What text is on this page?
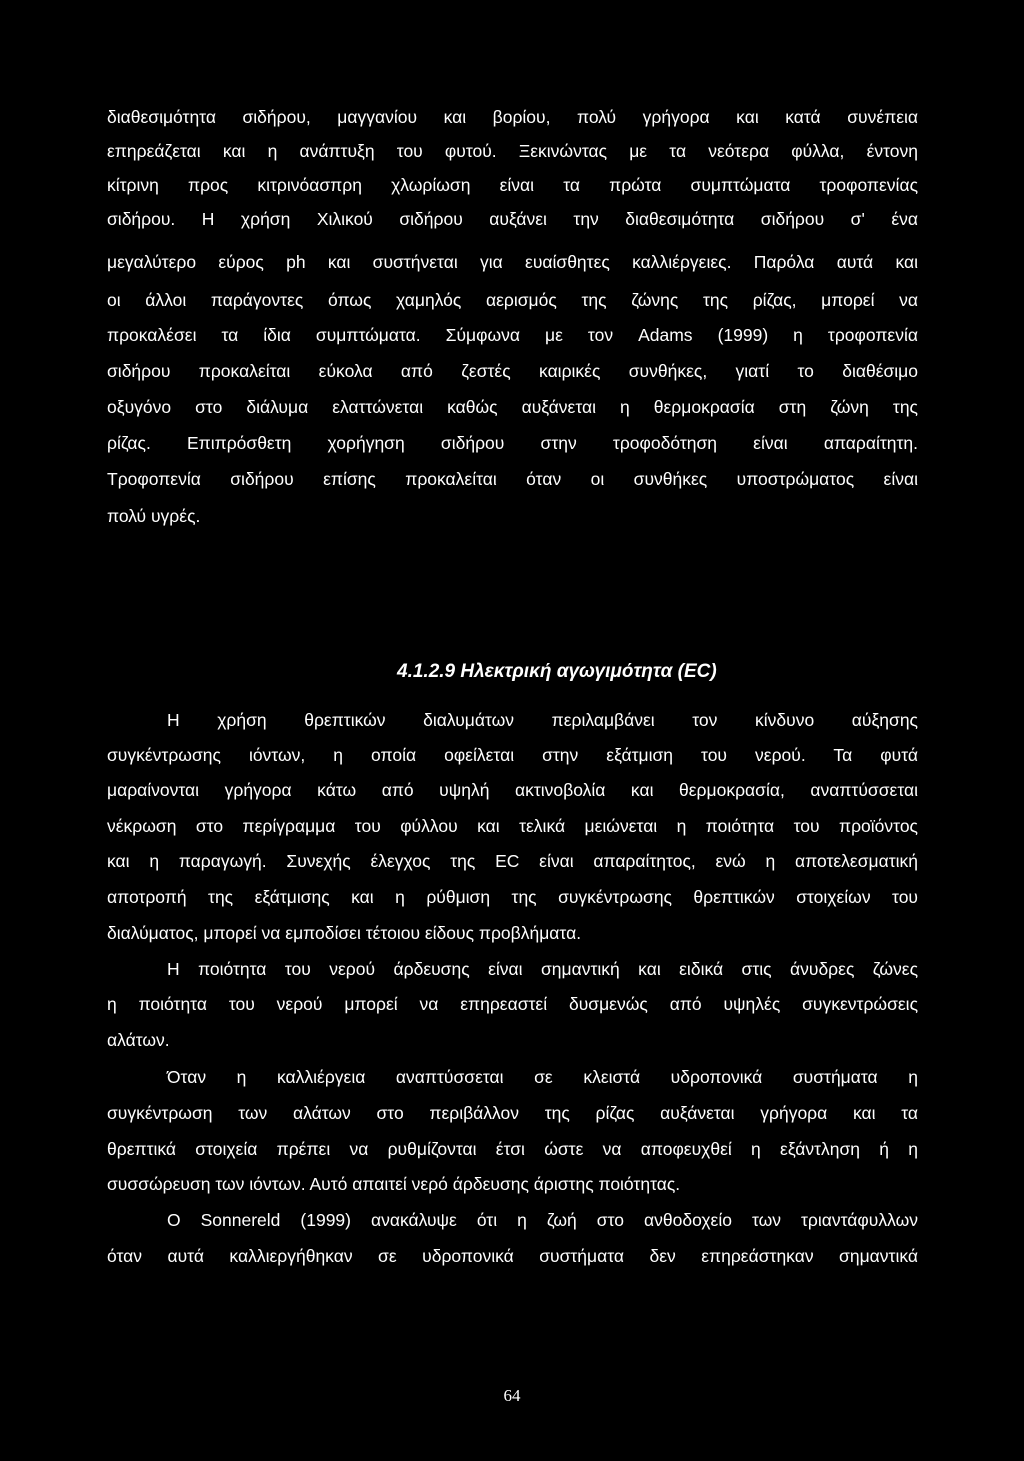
διαθεσιμότητα σιδήρου, μαγγανίου και βορίου, πολύ γρήγορα και κατά συνέπεια
επηρεάζεται και η ανάπτυξη του φυτού. Ξεκινώντας με τα νεότερα φύλλα, έντονη
κίτρινη προς κιτρινόασπρη χλωρίωση είναι τα πρώτα συμπτώματα τροφοπενίας
σιδήρου. Η χρήση Χιλικού σιδήρου αυξάνει την διαθεσιμότητα σιδήρου σ' ένα
μεγαλύτερο εύρος ph και συστήνεται για ευαίσθητες καλλιέργειες. Παρόλα αυτά και
οι άλλοι παράγοντες όπως χαμηλός αερισμός της ζώνης της ρίζας, μπορεί να
προκαλέσει τα ίδια συμπτώματα. Σύμφωνα με τον Adams (1999) η τροφοπενία
σιδήρου προκαλείται εύκολα από ζεστές καιρικές συνθήκες, γιατί το διαθέσιμο
οξυγόνο στο διάλυμα ελαττώνεται καθώς αυξάνεται η θερμοκρασία στη ζώνη της
ρίζας. Επιπρόσθετη χορήγηση σιδήρου στην τροφοδότηση είναι απαραίτητη.
Τροφοπενία σιδήρου επίσης προκαλείται όταν οι συνθήκες υποστρώματος είναι
πολύ υγρές.
4.1.2.9 Ηλεκτρική αγωγιμότητα (EC)
Η χρήση θρεπτικών διαλυμάτων περιλαμβάνει τον κίνδυνο αύξησης
συγκέντρωσης ιόντων, η οποία οφείλεται στην εξάτμιση του νερού. Τα φυτά
μαραίνονται γρήγορα κάτω από υψηλή ακτινοβολία και θερμοκρασία, αναπτύσσεται
νέκρωση στο περίγραμμα του φύλλου και τελικά μειώνεται η ποιότητα του προϊόντος
και η παραγωγή. Συνεχής έλεγχος της EC είναι απαραίτητος, ενώ η αποτελεσματική
αποτροπή της εξάτμισης και η ρύθμιση της συγκέντρωσης θρεπτικών στοιχείων του
διαλύματος, μπορεί να εμποδίσει τέτοιου είδους προβλήματα.
Η ποιότητα του νερού άρδευσης είναι σημαντική και ειδικά στις άνυδρες ζώνες
η ποιότητα του νερού μπορεί να επηρεαστεί δυσμενώς από υψηλές συγκεντρώσεις
αλάτων.
Όταν η καλλιέργεια αναπτύσσεται σε κλειστά υδροπονικά συστήματα η
συγκέντρωση των αλάτων στο περιβάλλον της ρίζας αυξάνεται γρήγορα και τα
θρεπτικά στοιχεία πρέπει να ρυθμίζονται έτσι ώστε να αποφευχθεί η εξάντληση ή η
συσσώρευση των ιόντων. Αυτό απαιτεί νερό άρδευσης άριστης ποιότητας.
Ο Sonnereld (1999) ανακάλυψε ότι η ζωή στο ανθοδοχείο των τριαντάφυλλων
όταν αυτά καλλιεργήθηκαν σε υδροπονικά συστήματα δεν επηρεάστηκαν σημαντικά
64
